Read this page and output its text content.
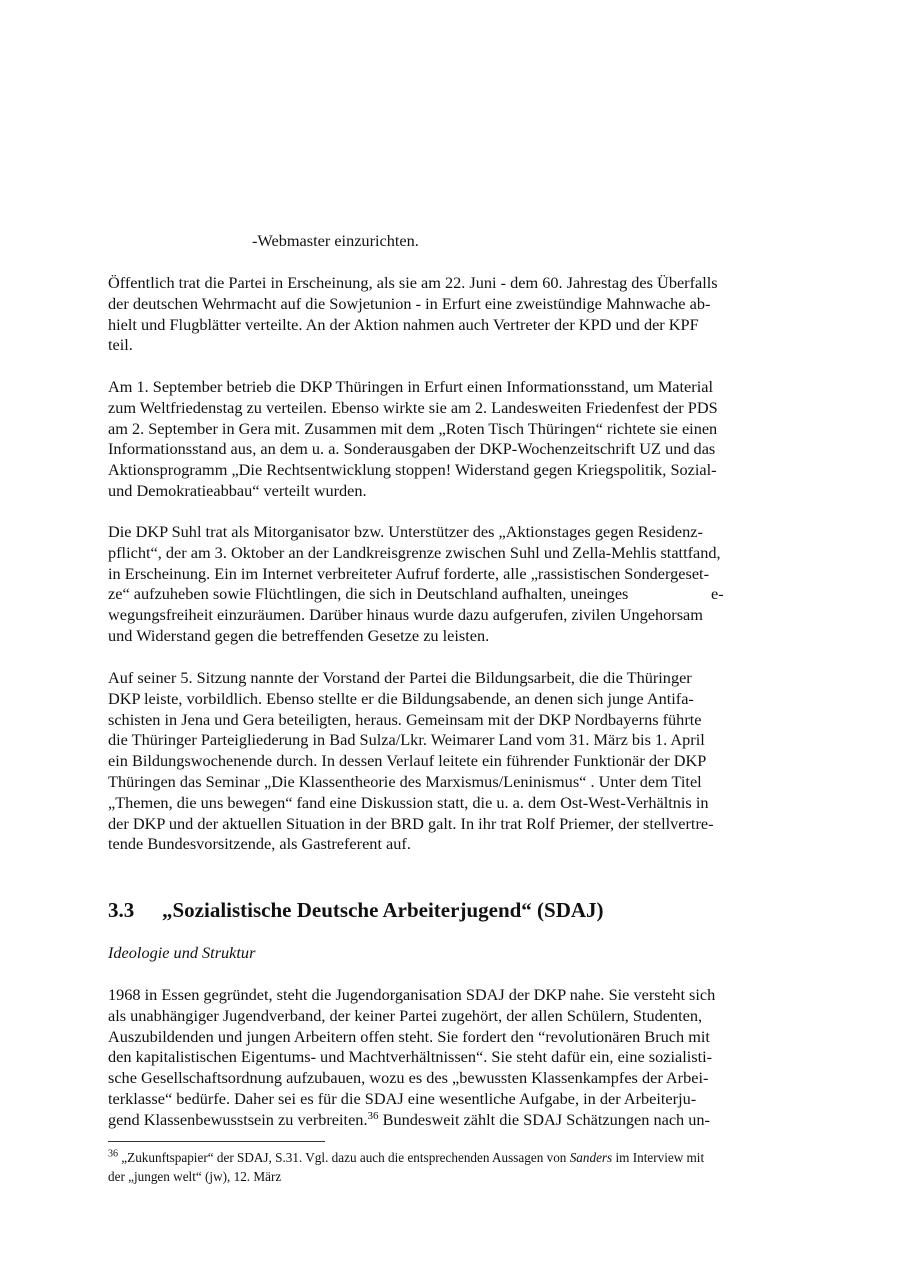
-Webmaster einzurichten.
Öffentlich trat die Partei in Erscheinung, als sie am 22. Juni - dem 60. Jahrestag des Überfalls
der deutschen Wehrmacht auf die Sowjetunion - in Erfurt eine zweistündige Mahnwache ab-
hielt und Flugblätter verteilte. An der Aktion nahmen auch Vertreter der KPD und der KPF
teil.
Am 1. September betrieb die DKP Thüringen in Erfurt einen Informationsstand, um Material
zum Weltfriedenstag zu verteilen. Ebenso wirkte sie am 2. Landesweiten Friedenfest der PDS
am 2. September in Gera mit. Zusammen mit dem „Roten Tisch Thüringen“ richtete sie einen
Informationsstand aus, an dem u. a. Sonderausgaben der DKP-Wochenzeitschrift UZ und das
Aktionsprogramm „Die Rechtsentwicklung stoppen! Widerstand gegen Kriegspolitik, Sozial-
und Demokratieabbau“ verteilt wurden.
Die DKP Suhl trat als Mitorganisator bzw. Unterstützer des „Aktionstages gegen Residenz-
pflicht“, der am 3. Oktober an der Landkreisgrenze zwischen Suhl und Zella-Mehlis stattfand,
in Erscheinung. Ein im Internet verbreiteter Aufruf forderte, alle „rassistischen Sondergeset-
ze“ aufzuheben sowie Flüchtlingen, die sich in Deutschland aufhalten, uneinges	e-
wegungsfreiheit einzuräumen. Darüber hinaus wurde dazu aufgerufen, zivilen Ungehorsam
und Widerstand gegen die betreffenden Gesetze zu leisten.
Auf seiner 5. Sitzung nannte der Vorstand der Partei die Bildungsarbeit, die die Thüringer
DKP leiste, vorbildlich. Ebenso stellte er die Bildungsabende, an denen sich junge Antifa-
schisten in Jena und Gera beteiligten, heraus. Gemeinsam mit der DKP Nordbayerns führte
die Thüringer Parteigliederung in Bad Sulza/Lkr. Weimarer Land vom 31. März bis 1. April
ein Bildungswochenende durch. In dessen Verlauf leitete ein führender Funktionär der DKP
Thüringen das Seminar „Die Klassentheorie des Marxismus/Leninismus“ . Unter dem Titel
„Themen, die uns bewegen“ fand eine Diskussion statt, die u. a. dem Ost-West-Verhältnis in
der DKP und der aktuellen Situation in der BRD galt. In ihr trat Rolf Priemer, der stellvertre-
tende Bundesvorsitzende, als Gastreferent auf.
3.3 „Sozialistische Deutsche Arbeiterjugend“ (SDAJ)
Ideologie und Struktur
1968 in Essen gegründet, steht die Jugendorganisation SDAJ der DKP nahe. Sie versteht sich
als unabhängiger Jugendverband, der keiner Partei zugehört, der allen Schülern, Studenten,
Auszubildenden und jungen Arbeitern offen steht. Sie fordert den “revolutionären Bruch mit
den kapitalistischen Eigentums- und Machtverhältnissen“. Sie steht dafür ein, eine sozialisti-
sche Gesellschaftsordnung aufzubauen, wozu es des „bewussten Klassenkampfes der Arbei-
terklasse“ bedürfe. Daher sei es für die SDAJ eine wesentliche Aufgabe, in der Arbeiterju-
gend Klassenbewusstsein zu verbreiten.$^{36}$ Bundesweit zählt die SDAJ Schätzungen nach un-
$^{36}$ „Zukunftspapier“ der SDAJ, S.31. Vgl. dazu auch die entsprechenden Aussagen von Sanders im Interview mit
der „jungen welt“ (jw), 12. März
